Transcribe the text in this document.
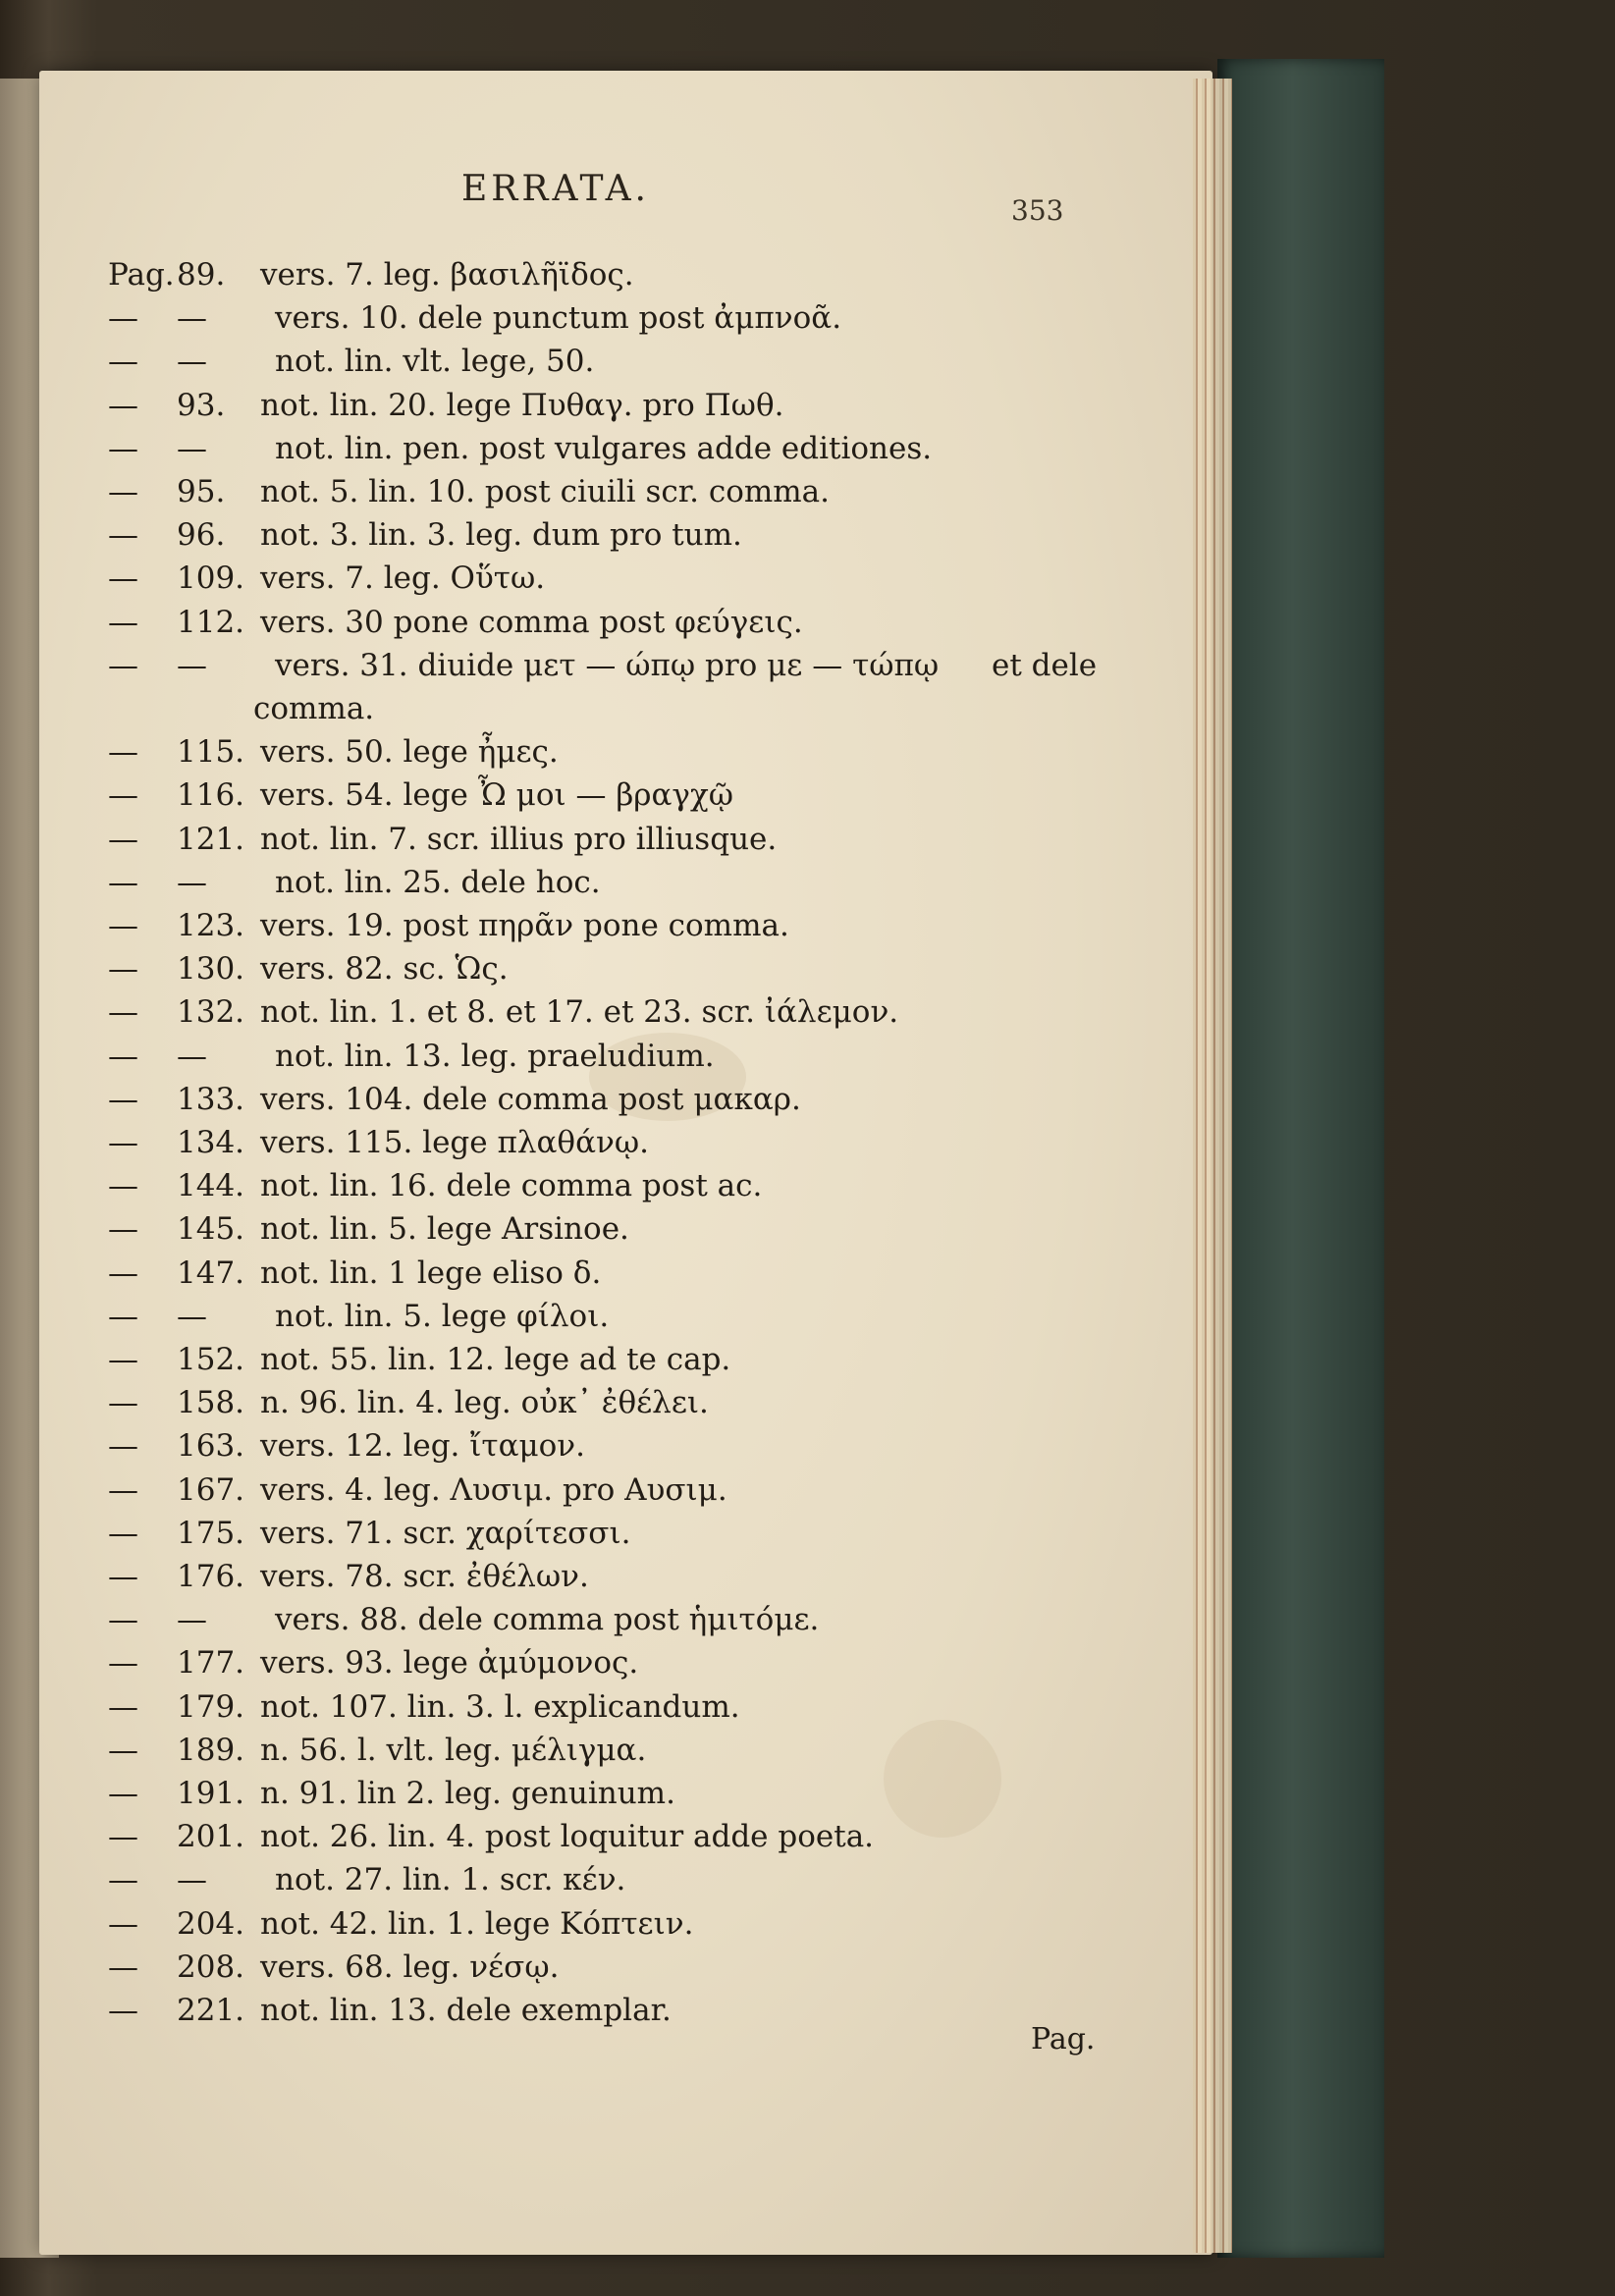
ERRATA.
353
Pag. 89. vers. 7. leg. βασιλῆϊδος.
— — vers. 10. dele punctum post ἀμπνοᾶ.
— — not. lin. vlt. lege, 50.
— 93. not. lin. 20. lege Πυθαγ. pro Πωθ.
— — not. lin. pen. post vulgares adde editiones.
— 95. not. 5. lin. 10. post ciuili scr. comma.
— 96. not. 3. lin. 3. leg. dum pro tum.
— 109. vers. 7. leg. Οὕτω.
— 112. vers. 30 pone comma post φεύγεις.
— — vers. 31. diuide μετ — ώπῳ pro με — τώπῳ et dele
comma.
— 115. vers. 50. lege ἦμες.
— 116. vers. 54. lege Ὦ μοι — βραγχῷ
— 121. not. lin. 7. scr. illius pro illiusque.
— — not. lin. 25. dele hoc.
— 123. vers. 19. post πηρᾶν pone comma.
— 130. vers. 82. sc. Ὡς.
— 132. not. lin. 1. et 8. et 17. et 23. scr. ἰάλεμον.
— — not. lin. 13. leg. praeludium.
— 133. vers. 104. dele comma post μακαρ.
— 134. vers. 115. lege πλαθάνῳ.
— 144. not. lin. 16. dele comma post ac.
— 145. not. lin. 5. lege Arsinoe.
— 147. not. lin. 1 lege eliso δ.
— — not. lin. 5. lege φίλοι.
— 152. not. 55. lin. 12. lege ad te cap.
— 158. n. 96. lin. 4. leg. οὐκ᾽ ἐθέλει.
— 163. vers. 12. leg. ἴταμον.
— 167. vers. 4. leg. Λυσιμ. pro Αυσιμ.
— 175. vers. 71. scr. χαρίτεσσι.
— 176. vers. 78. scr. ἐθέλων.
— — vers. 88. dele comma post ἡμιτόμε.
— 177. vers. 93. lege ἀμύμονος.
— 179. not. 107. lin. 3. l. explicandum.
— 189. n. 56. l. vlt. leg. μέλιγμα.
— 191. n. 91. lin 2. leg. genuinum.
— 201. not. 26. lin. 4. post loquitur adde poeta.
— — not. 27. lin. 1. scr. κέν.
— 204. not. 42. lin. 1. lege Κόπτειν.
— 208. vers. 68. leg. νέσῳ.
— 221. not. lin. 13. dele exemplar.
Pag.
